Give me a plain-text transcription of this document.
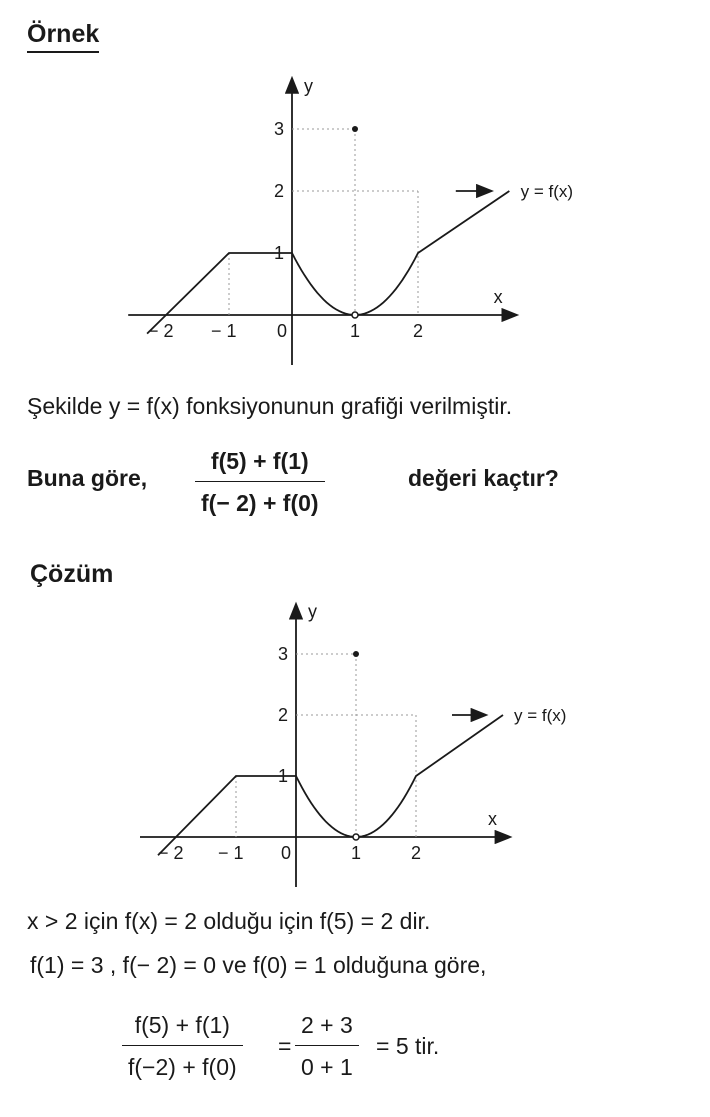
Örnek
x
y
− 2 − 1 0	1	2
1
2
3
y = f(x)
Şekilde y = f(x) fonksiyonunun grafiği verilmiştir.
Buna göre,
f(5) + f(1)
f(− 2) + f(0)
değeri kaçtır?
Çözüm
x
y
− 2 − 1 0	1	2
1
2
3
y = f(x)
x > 2 için f(x) = 2 olduğu için f(5) = 2 dir.
f(1) = 3 , f(− 2) = 0 ve f(0) = 1 olduğuna göre,
f(5) + f(1)
f(−2) + f(0)
=
2 + 3
0 + 1
= 5 tir.
